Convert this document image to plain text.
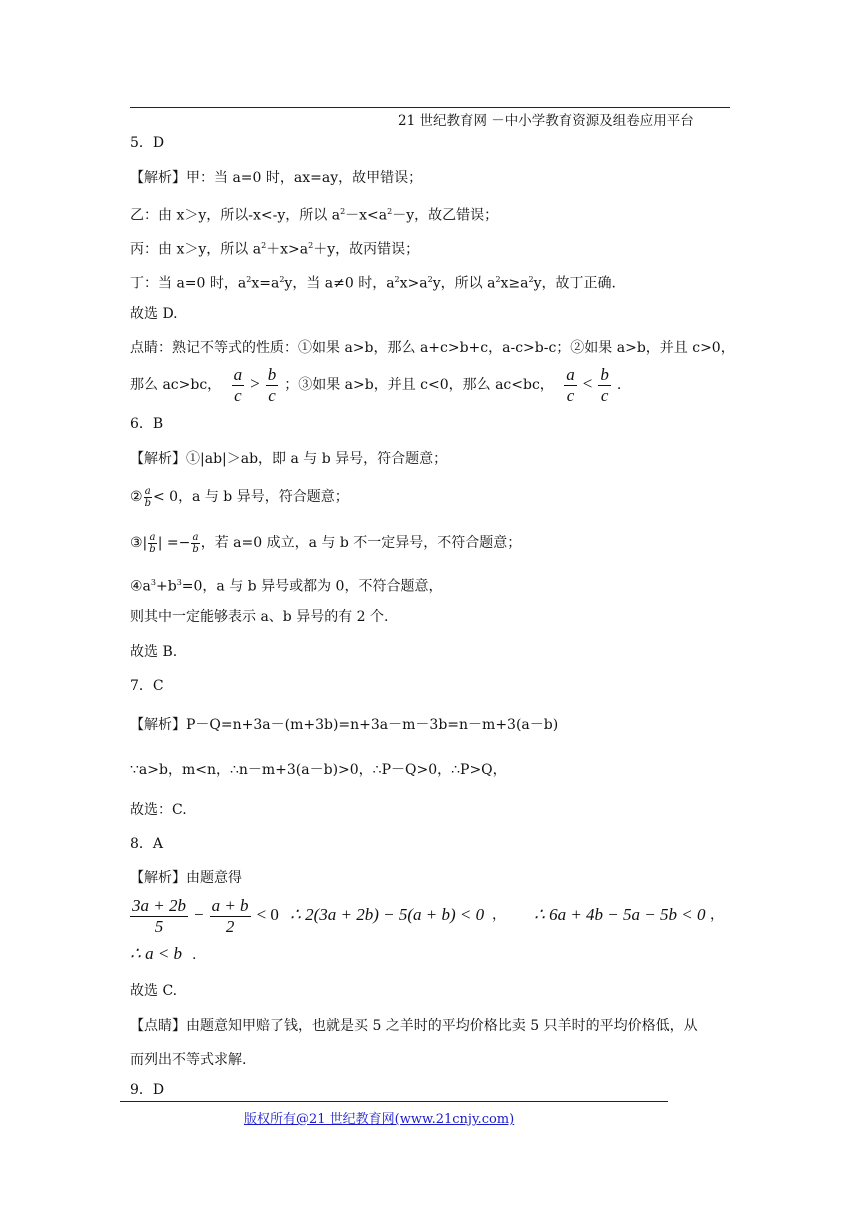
21 世纪教育网 －中小学教育资源及组卷应用平台
5．D
【解析】甲：当 a=0 时，ax=ay，故甲错误；
乙：由 x＞y，所以-x<-y，所以 $a^2-x<a^2-y$，故乙错误；
丙：由 x＞y，所以 $a^2+x>a^2+y$，故丙错误；
丁：当 a=0 时，$a^2x=a^2y$，当 a≠0 时，$a^2x>a^2y$，所以 $a^2x\ge a^2y$，故丁正确.
故选 D.
点睛：熟记不等式的性质：①如果 a>b，那么 a+c>b+c，a-c>b-c；②如果 a>b，并且 c>0，
那么 ac>bc， $\frac{a}{c} > \frac{b}{c}$ ；③如果 a>b，并且 c<0，那么 ac<bc， $\frac{a}{c} < \frac{b}{c}$ .
6．B
【解析】①|ab|＞ab，即 a 与 b 异号，符合题意；
② $\frac{a}{b} < 0$，a 与 b 异号，符合题意；
③| $\frac{a}{b}$ | =− $\frac{a}{b}$ ，若 a=0 成立，a 与 b 不一定异号，不符合题意；
$④a^3+b^3=0$，a 与 b 异号或都为 0，不符合题意，
则其中一定能够表示 a、b 异号的有 2 个.
故选 B.
7．C
【解析】P－Q=n+3a－(m+3b)=n+3a－m－3b=n－m+3(a－b)
∵a>b，m<n，∴n－m+3(a－b)>0，∴P－Q>0，∴P>Q，
故选：C.
8．A
【解析】由题意得
$\frac{3a + 2b}{5} - \frac{a + b}{2} < 0$ ∴ 2(3a + 2b) − 5(a + b) < 0 ， ∴ 6a + 4b − 5a − 5b < 0 ，
∴ a < b .
故选 C.
【点睛】由题意知甲赔了钱，也就是买 5 之羊时的平均价格比卖 5 只羊时的平均价格低，从
而列出不等式求解.
9．D
版权所有@21 世纪教育网(www.21cnjy.com)
